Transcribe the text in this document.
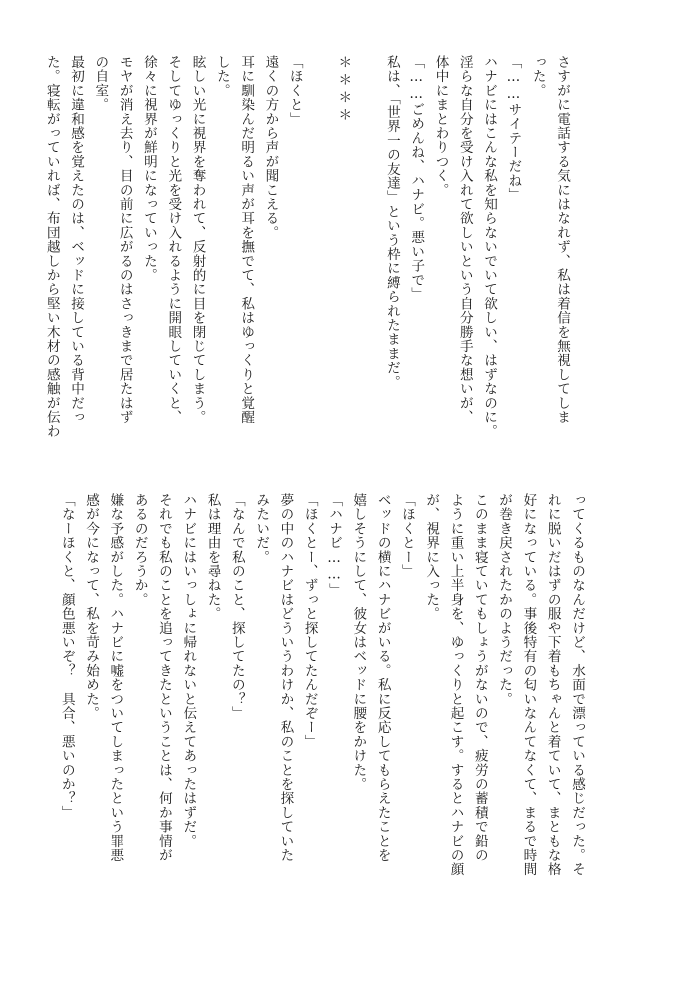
さすがに電話する気にはなれず、私は着信を無視してしま
った。
「……サイテーだね」
ハナビにはこんな私を知らないでいて欲しい、はずなのに。
淫らな自分を受け入れて欲しいという自分勝手な想いが、
体中にまとわりつく。
「……ごめんね、ハナビ。悪い子で」
私は、「世界一の友達」という枠に縛られたままだ。
＊＊＊＊
「ほくと」
遠くの方から声が聞こえる。
耳に馴染んだ明るい声が耳を撫でて、私はゆっくりと覚醒
した。
眩しい光に視界を奪われて、反射的に目を閉じてしまう。
そしてゆっくりと光を受け入れるように開眼していくと、
徐々に視界が鮮明になっていった。
モヤが消え去り、目の前に広がるのはさっきまで居たはず
の自室。
最初に違和感を覚えたのは、ベッドに接している背中だっ
た。寝転がっていれば、布団越しから堅い木材の感触が伝わ
ってくるものなんだけど、水面で漂っている感じだった。そ
れに脱いだはずの服や下着もちゃんと着ていて、まともな格
好になっている。事後特有の匂いなんてなくて、まるで時間
が巻き戻されたかのようだった。
このまま寝ていてもしょうがないので、疲労の蓄積で鉛の
ように重い上半身を、ゆっくりと起こす。するとハナビの顔
が、視界に入った。
「ほくとー」
ベッドの横にハナビがいる。私に反応してもらえたことを
嬉しそうにして、彼女はベッドに腰をかけた。
「ハナビ……」
「ほくとー、ずっと探してたんだぞー」
夢の中のハナビはどういうわけか、私のことを探していた
みたいだ。
「なんで私のこと、探してたの？」
私は理由を尋ねた。
ハナビにはいっしょに帰れないと伝えてあったはずだ。
それでも私のことを追ってきたということは、何か事情が
あるのだろうか。
嫌な予感がした。ハナビに嘘をついてしまったという罪悪
感が今になって、私を苛み始めた。
「なーほくと、顔色悪いぞ？　具合、悪いのか？」
